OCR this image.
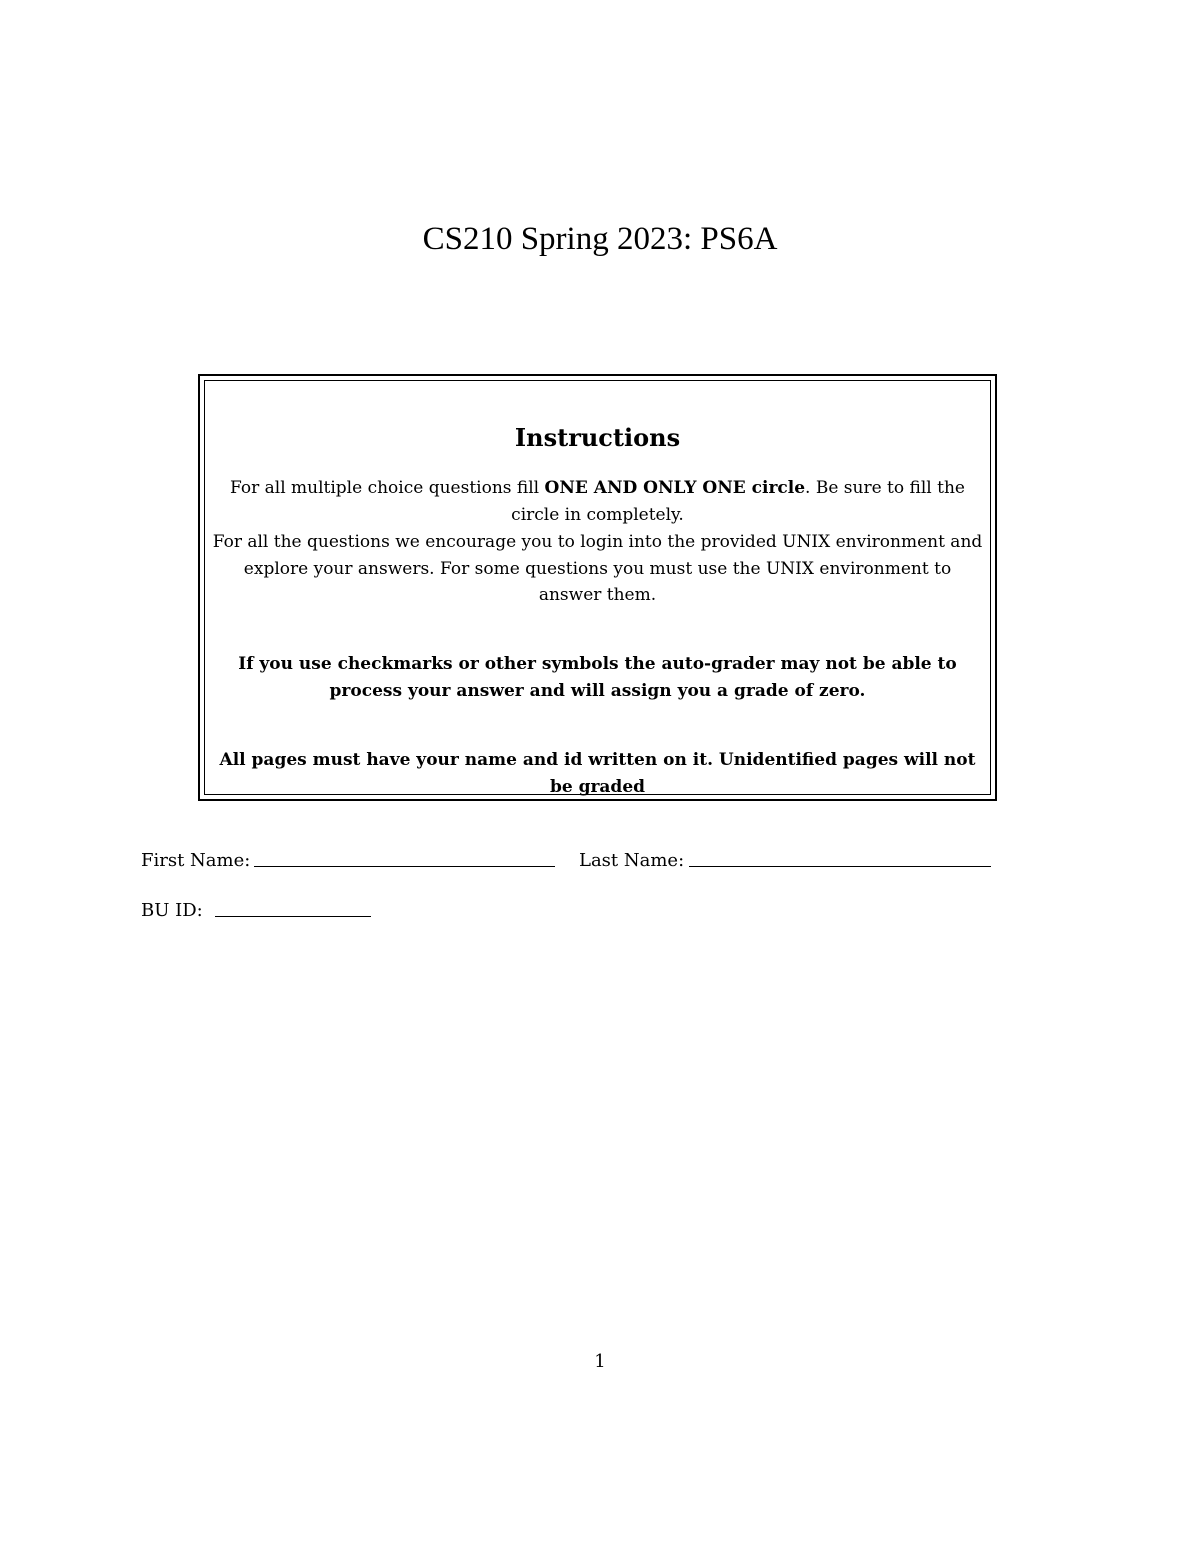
CS210 Spring 2023: PS6A
Instructions
For all multiple choice questions fill ONE AND ONLY ONE circle. Be sure to fill the circle in completely.
For all the questions we encourage you to login into the provided UNIX environment and explore your answers. For some questions you must use the UNIX environment to answer them.
If you use checkmarks or other symbols the auto-grader may not be able to process your answer and will assign you a grade of zero.
All pages must have your name and id written on it. Unidentified pages will not be graded
First Name:	Last Name:
BU ID:
1
